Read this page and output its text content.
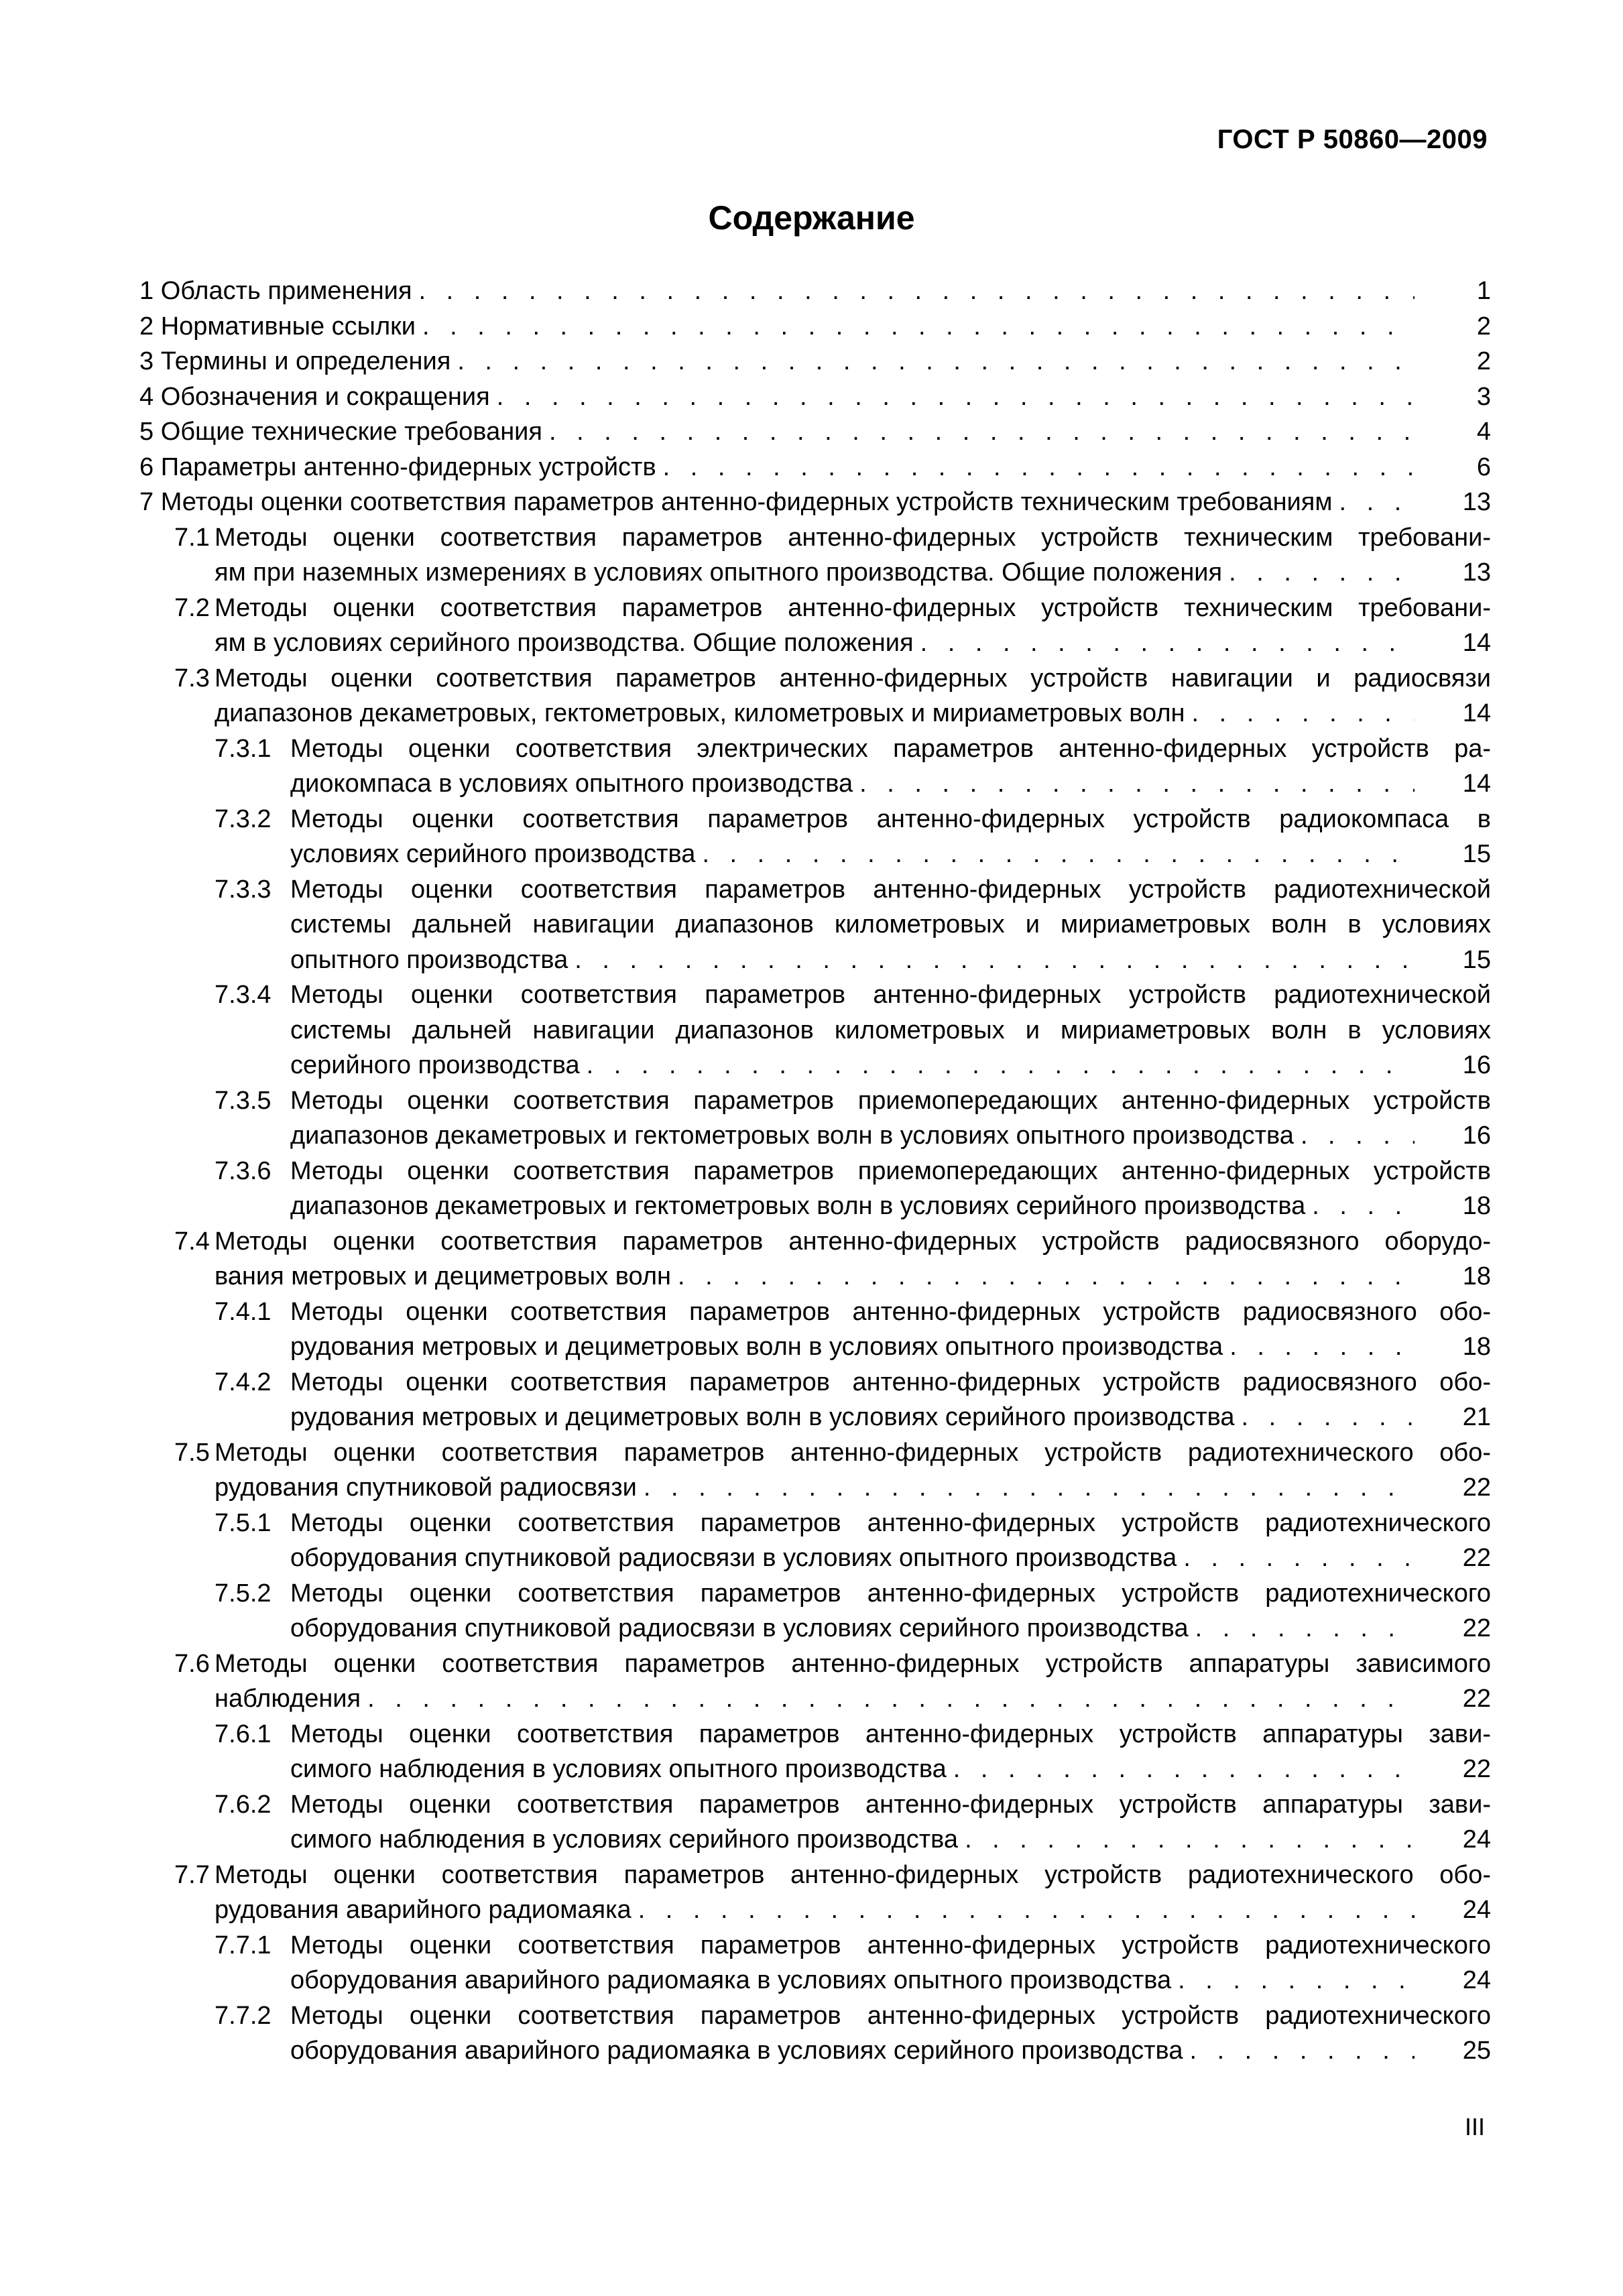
ГОСТ Р 50860—2009
Содержание
1 Область применения . . .	1
2 Нормативные ссылки . . .	2
3 Термины и определения . . .	2
4 Обозначения и сокращения . . .	3
5 Общие технические требования . . .	4
6 Параметры антенно-фидерных устройств . . .	6
7 Методы оценки соответствия параметров антенно-фидерных устройств техническим требованиям . . .	13
7.1 Методы оценки соответствия параметров антенно-фидерных устройств техническим требовани-
ям при наземных измерениях в условиях опытного производства. Общие положения . . .	13
7.2 Методы оценки соответствия параметров антенно-фидерных устройств техническим требовани-
ям в условиях серийного производства. Общие положения . . .	14
7.3 Методы оценки соответствия параметров антенно-фидерных устройств навигации и радиосвязи
диапазонов декаметровых, гектометровых, километровых и мириаметровых волн . . .	14
7.3.1 Методы оценки соответствия электрических параметров антенно-фидерных устройств ра-
диокомпаса в условиях опытного производства . . .	14
7.3.2 Методы оценки соответствия параметров антенно-фидерных устройств радиокомпаса в
условиях серийного производства . . .	15
7.3.3 Методы оценки соответствия параметров антенно-фидерных устройств радиотехнической
системы дальней навигации диапазонов километровых и мириаметровых волн в условиях
опытного производства . . .	15
7.3.4 Методы оценки соответствия параметров антенно-фидерных устройств радиотехнической
системы дальней навигации диапазонов километровых и мириаметровых волн в условиях
серийного производства . . .	16
7.3.5 Методы оценки соответствия параметров приемопередающих антенно-фидерных устройств
диапазонов декаметровых и гектометровых волн в условиях опытного производства . . .	16
7.3.6 Методы оценки соответствия параметров приемопередающих антенно-фидерных устройств
диапазонов декаметровых и гектометровых волн в условиях серийного производства . . .	18
7.4 Методы оценки соответствия параметров антенно-фидерных устройств радиосвязного оборудо-
вания метровых и дециметровых волн . . .	18
7.4.1 Методы оценки соответствия параметров антенно-фидерных устройств радиосвязного обо-
рудования метровых и дециметровых волн в условиях опытного производства . . .	18
7.4.2 Методы оценки соответствия параметров антенно-фидерных устройств радиосвязного обо-
рудования метровых и дециметровых волн в условиях серийного производства . . .	21
7.5 Методы оценки соответствия параметров антенно-фидерных устройств радиотехнического обо-
рудования спутниковой радиосвязи . . .	22
7.5.1 Методы оценки соответствия параметров антенно-фидерных устройств радиотехнического
оборудования спутниковой радиосвязи в условиях опытного производства . . .	22
7.5.2 Методы оценки соответствия параметров антенно-фидерных устройств радиотехнического
оборудования спутниковой радиосвязи в условиях серийного производства . . .	22
7.6 Методы оценки соответствия параметров антенно-фидерных устройств аппаратуры зависимого
наблюдения . . .	22
7.6.1 Методы оценки соответствия параметров антенно-фидерных устройств аппаратуры зави-
симого наблюдения в условиях опытного производства . . .	22
7.6.2 Методы оценки соответствия параметров антенно-фидерных устройств аппаратуры зави-
симого наблюдения в условиях серийного производства . . .	24
7.7 Методы оценки соответствия параметров антенно-фидерных устройств радиотехнического обо-
рудования аварийного радиомаяка . . .	24
7.7.1 Методы оценки соответствия параметров антенно-фидерных устройств радиотехнического
оборудования аварийного радиомаяка в условиях опытного производства . . .	24
7.7.2 Методы оценки соответствия параметров антенно-фидерных устройств радиотехнического
оборудования аварийного радиомаяка в условиях серийного производства . . .	25
III
